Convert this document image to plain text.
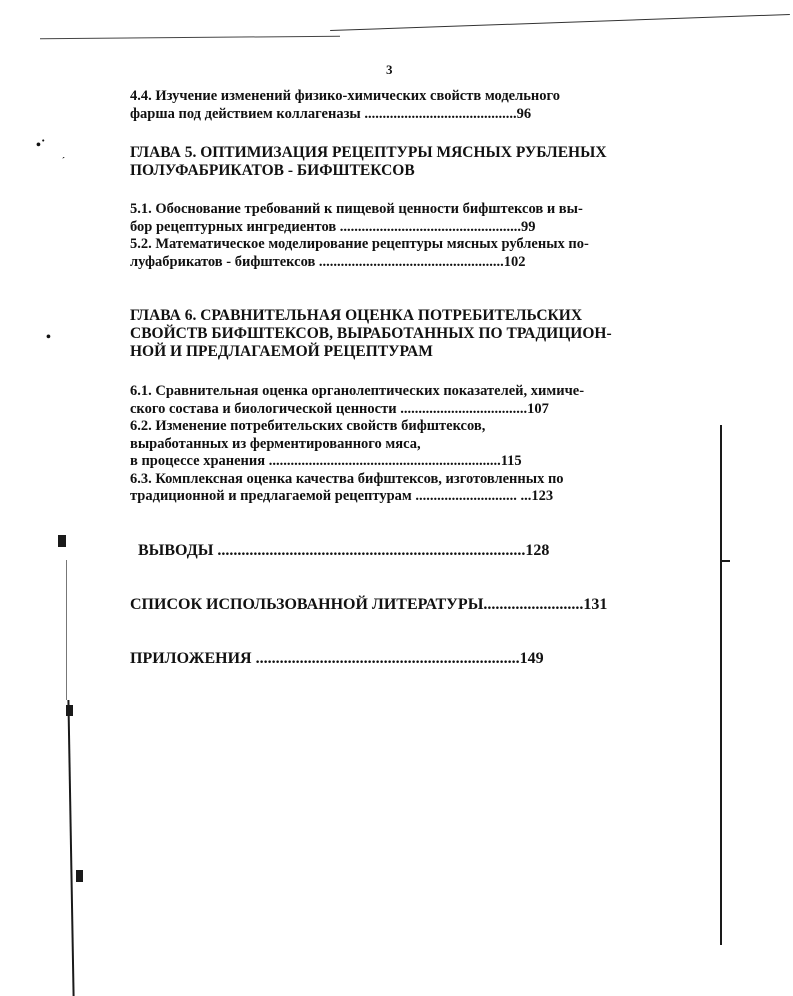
•˙
ˏ
•
3

4.4. Изучение изменений физико-химических свойств модельного

фарша под действием коллагеназы ..........................................96

ГЛАВА 5. ОПТИМИЗАЦИЯ РЕЦЕПТУРЫ МЯСНЫХ РУБЛЕНЫХ

ПОЛУФАБРИКАТОВ - БИФШТЕКСОВ

5.1. Обоснование требований к пищевой ценности бифштексов и вы-

бор рецептурных ингредиентов ..................................................99

5.2. Математическое моделирование рецептуры мясных рубленых по-

луфабрикатов - бифштексов ...................................................102

ГЛАВА 6. СРАВНИТЕЛЬНАЯ ОЦЕНКА ПОТРЕБИТЕЛЬСКИХ

СВОЙСТВ БИФШТЕКСОВ, ВЫРАБОТАННЫХ ПО ТРАДИЦИОН-

НОЙ И ПРЕДЛАГАЕМОЙ РЕЦЕПТУРАМ

6.1. Сравнительная оценка органолептических показателей, химиче-

ского состава и биологической ценности ...................................107

6.2. Изменение потребительских свойств бифштексов,

выработанных из ферментированного мяса,

в процессе хранения ................................................................115

6.3. Комплексная оценка качества бифштексов, изготовленных по

традиционной и предлагаемой рецептурам ............................ ...123

ВЫВОДЫ .............................................................................128

СПИСОК ИСПОЛЬЗОВАННОЙ ЛИТЕРАТУРЫ.........................131

ПРИЛОЖЕНИЯ ..................................................................149
